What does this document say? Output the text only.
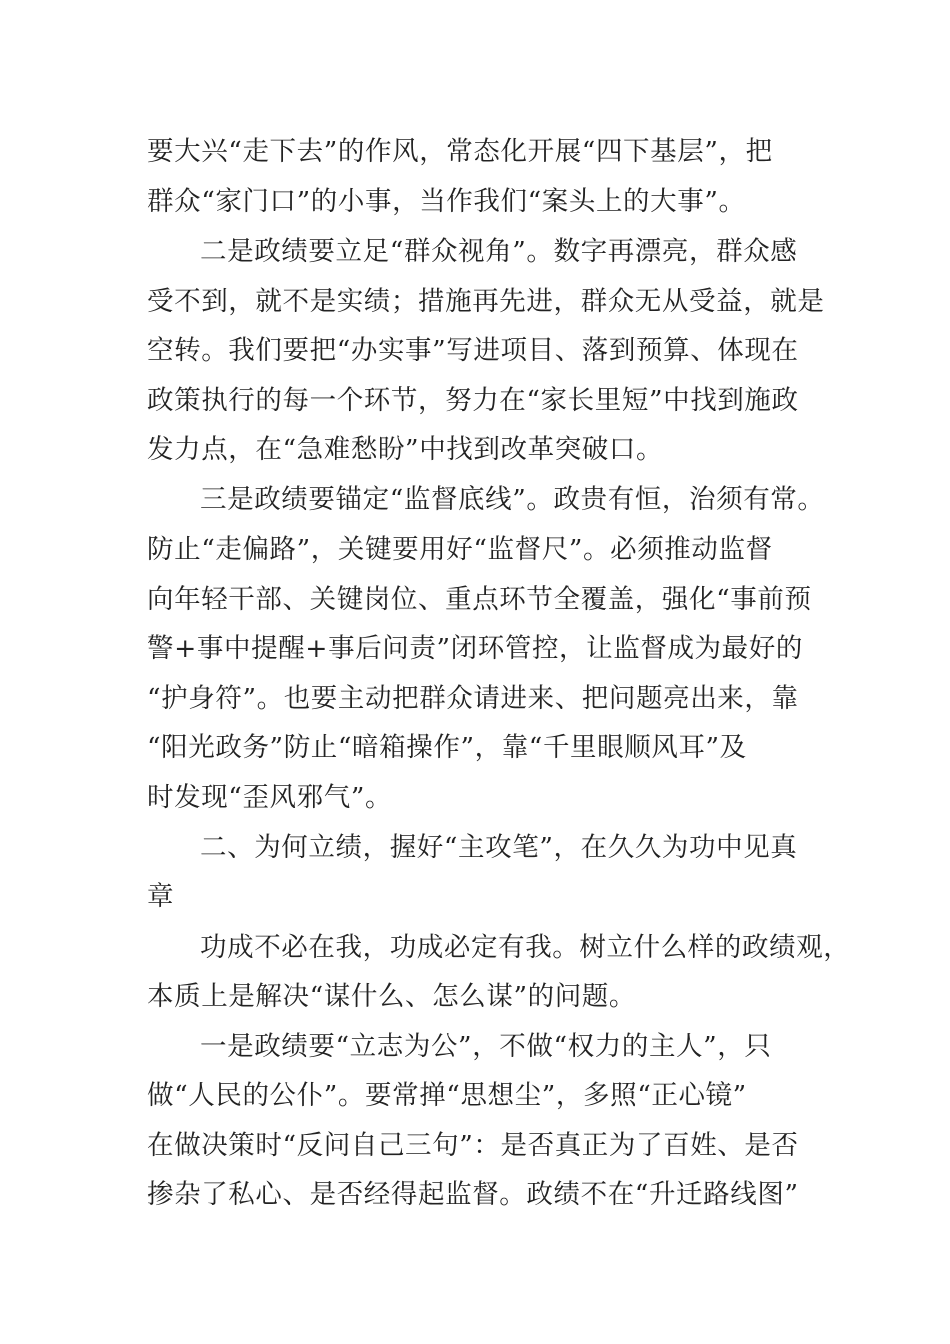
要大兴“走下去”的作风，常态化开展“四下基层”，把
群众“家门口”的小事，当作我们“案头上的大事”。
二是政绩要立足“群众视角”。数字再漂亮，群众感
受不到，就不是实绩；措施再先进，群众无从受益，就是
空转。我们要把“办实事”写进项目、落到预算、体现在
政策执行的每一个环节，努力在“家长里短”中找到施政
发力点，在“急难愁盼”中找到改革突破口。
三是政绩要锚定“监督底线”。政贵有恒，治须有常。
防止“走偏路”，关键要用好“监督尺”。必须推动监督
向年轻干部、关键岗位、重点环节全覆盖，强化“事前预
警+事中提醒+事后问责”闭环管控，让监督成为最好的
“护身符”。也要主动把群众请进来、把问题亮出来，靠
“阳光政务”防止“暗箱操作”，靠“千里眼顺风耳”及
时发现“歪风邪气”。
二、为何立绩，握好“主攻笔”，在久久为功中见真
章
功成不必在我，功成必定有我。树立什么样的政绩观，
本质上是解决“谋什么、怎么谋”的问题。
一是政绩要“立志为公”，不做“权力的主人”，只
做“人民的公仆”。要常掸“思想尘”，多照“正心镜”
在做决策时“反问自己三句”：是否真正为了百姓、是否
掺杂了私心、是否经得起监督。政绩不在“升迁路线图”
